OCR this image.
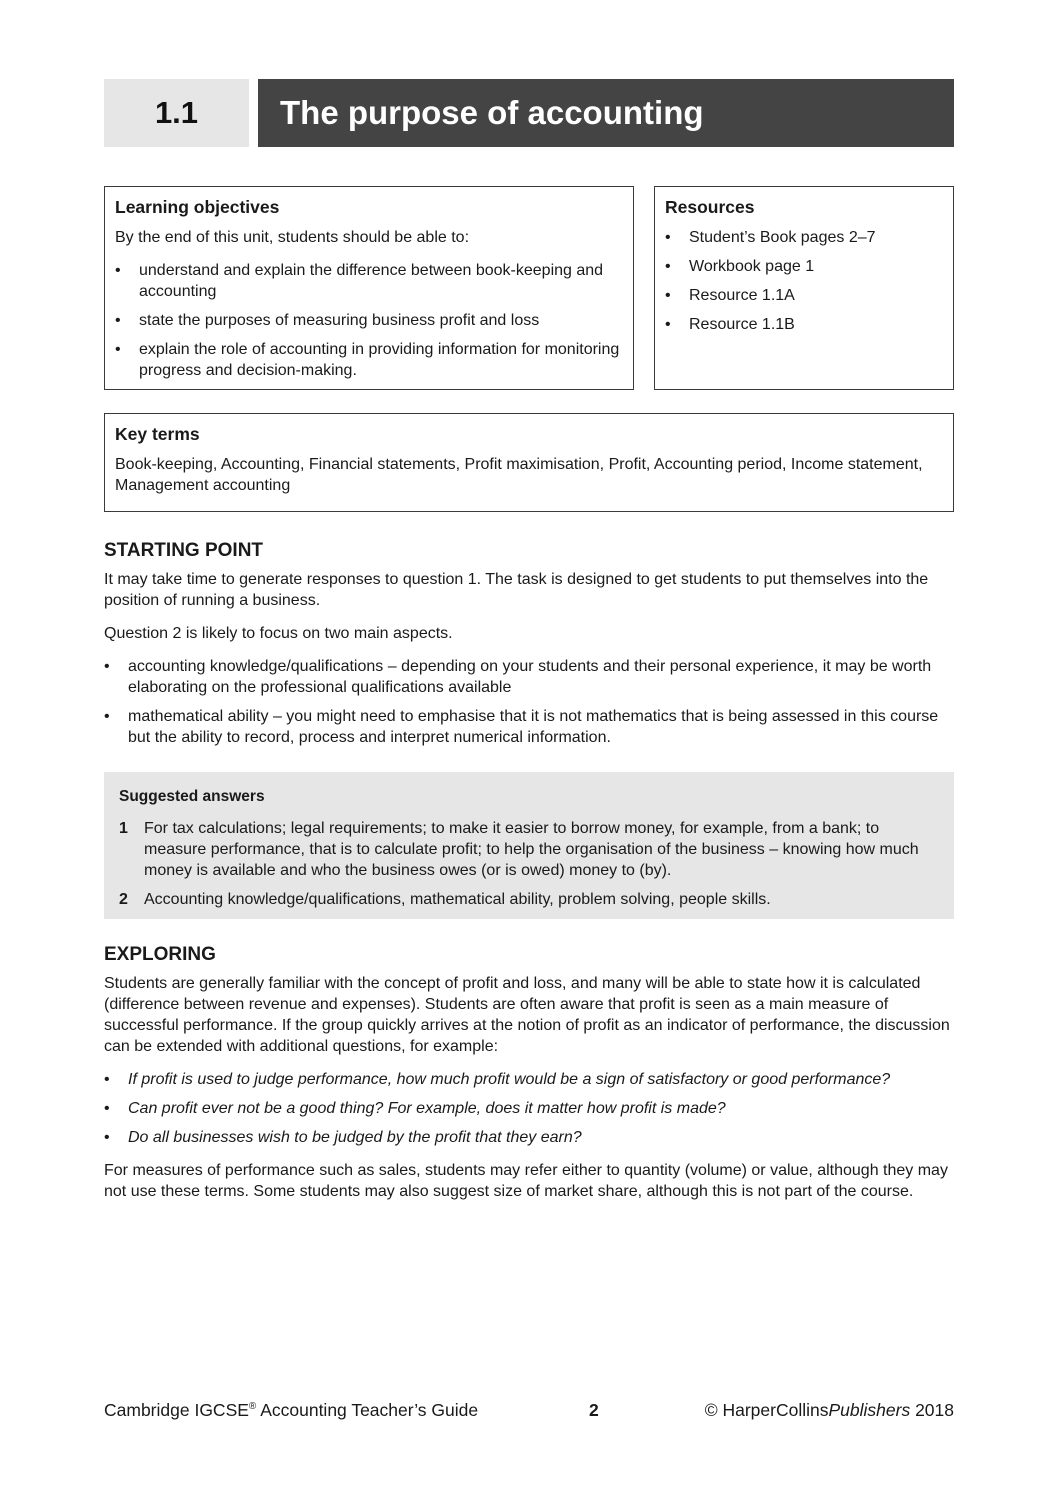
1.1	The purpose of accounting
Learning objectives
By the end of this unit, students should be able to:
• understand and explain the difference between book-keeping and accounting
• state the purposes of measuring business profit and loss
• explain the role of accounting in providing information for monitoring progress and decision-making.
Resources
• Student’s Book pages 2–7
• Workbook page 1
• Resource 1.1A
• Resource 1.1B
Key terms
Book-keeping, Accounting, Financial statements, Profit maximisation, Profit, Accounting period, Income statement, Management accounting
STARTING POINT

It may take time to generate responses to question 1. The task is designed to get students to put themselves into the position of running a business.

Question 2 is likely to focus on two main aspects.

• accounting knowledge/qualifications – depending on your students and their personal experience, it may be worth elaborating on the professional qualifications available
• mathematical ability – you might need to emphasise that it is not mathematics that is being assessed in this course but the ability to record, process and interpret numerical information.
Suggested answers
1 For tax calculations; legal requirements; to make it easier to borrow money, for example, from a bank; to measure performance, that is to calculate profit; to help the organisation of the business – knowing how much money is available and who the business owes (or is owed) money to (by).
2 Accounting knowledge/qualifications, mathematical ability, problem solving, people skills.
EXPLORING

Students are generally familiar with the concept of profit and loss, and many will be able to state how it is calculated (difference between revenue and expenses). Students are often aware that profit is seen as a main measure of successful performance. If the group quickly arrives at the notion of profit as an indicator of performance, the discussion can be extended with additional questions, for example:

• If profit is used to judge performance, how much profit would be a sign of satisfactory or good performance?
• Can profit ever not be a good thing? For example, does it matter how profit is made?
• Do all businesses wish to be judged by the profit that they earn?

For measures of performance such as sales, students may refer either to quantity (volume) or value, although they may not use these terms. Some students may also suggest size of market share, although this is not part of the course.

Cambridge IGCSE® Accounting Teacher’s Guide	2	© HarperCollinsPublishers 2018
